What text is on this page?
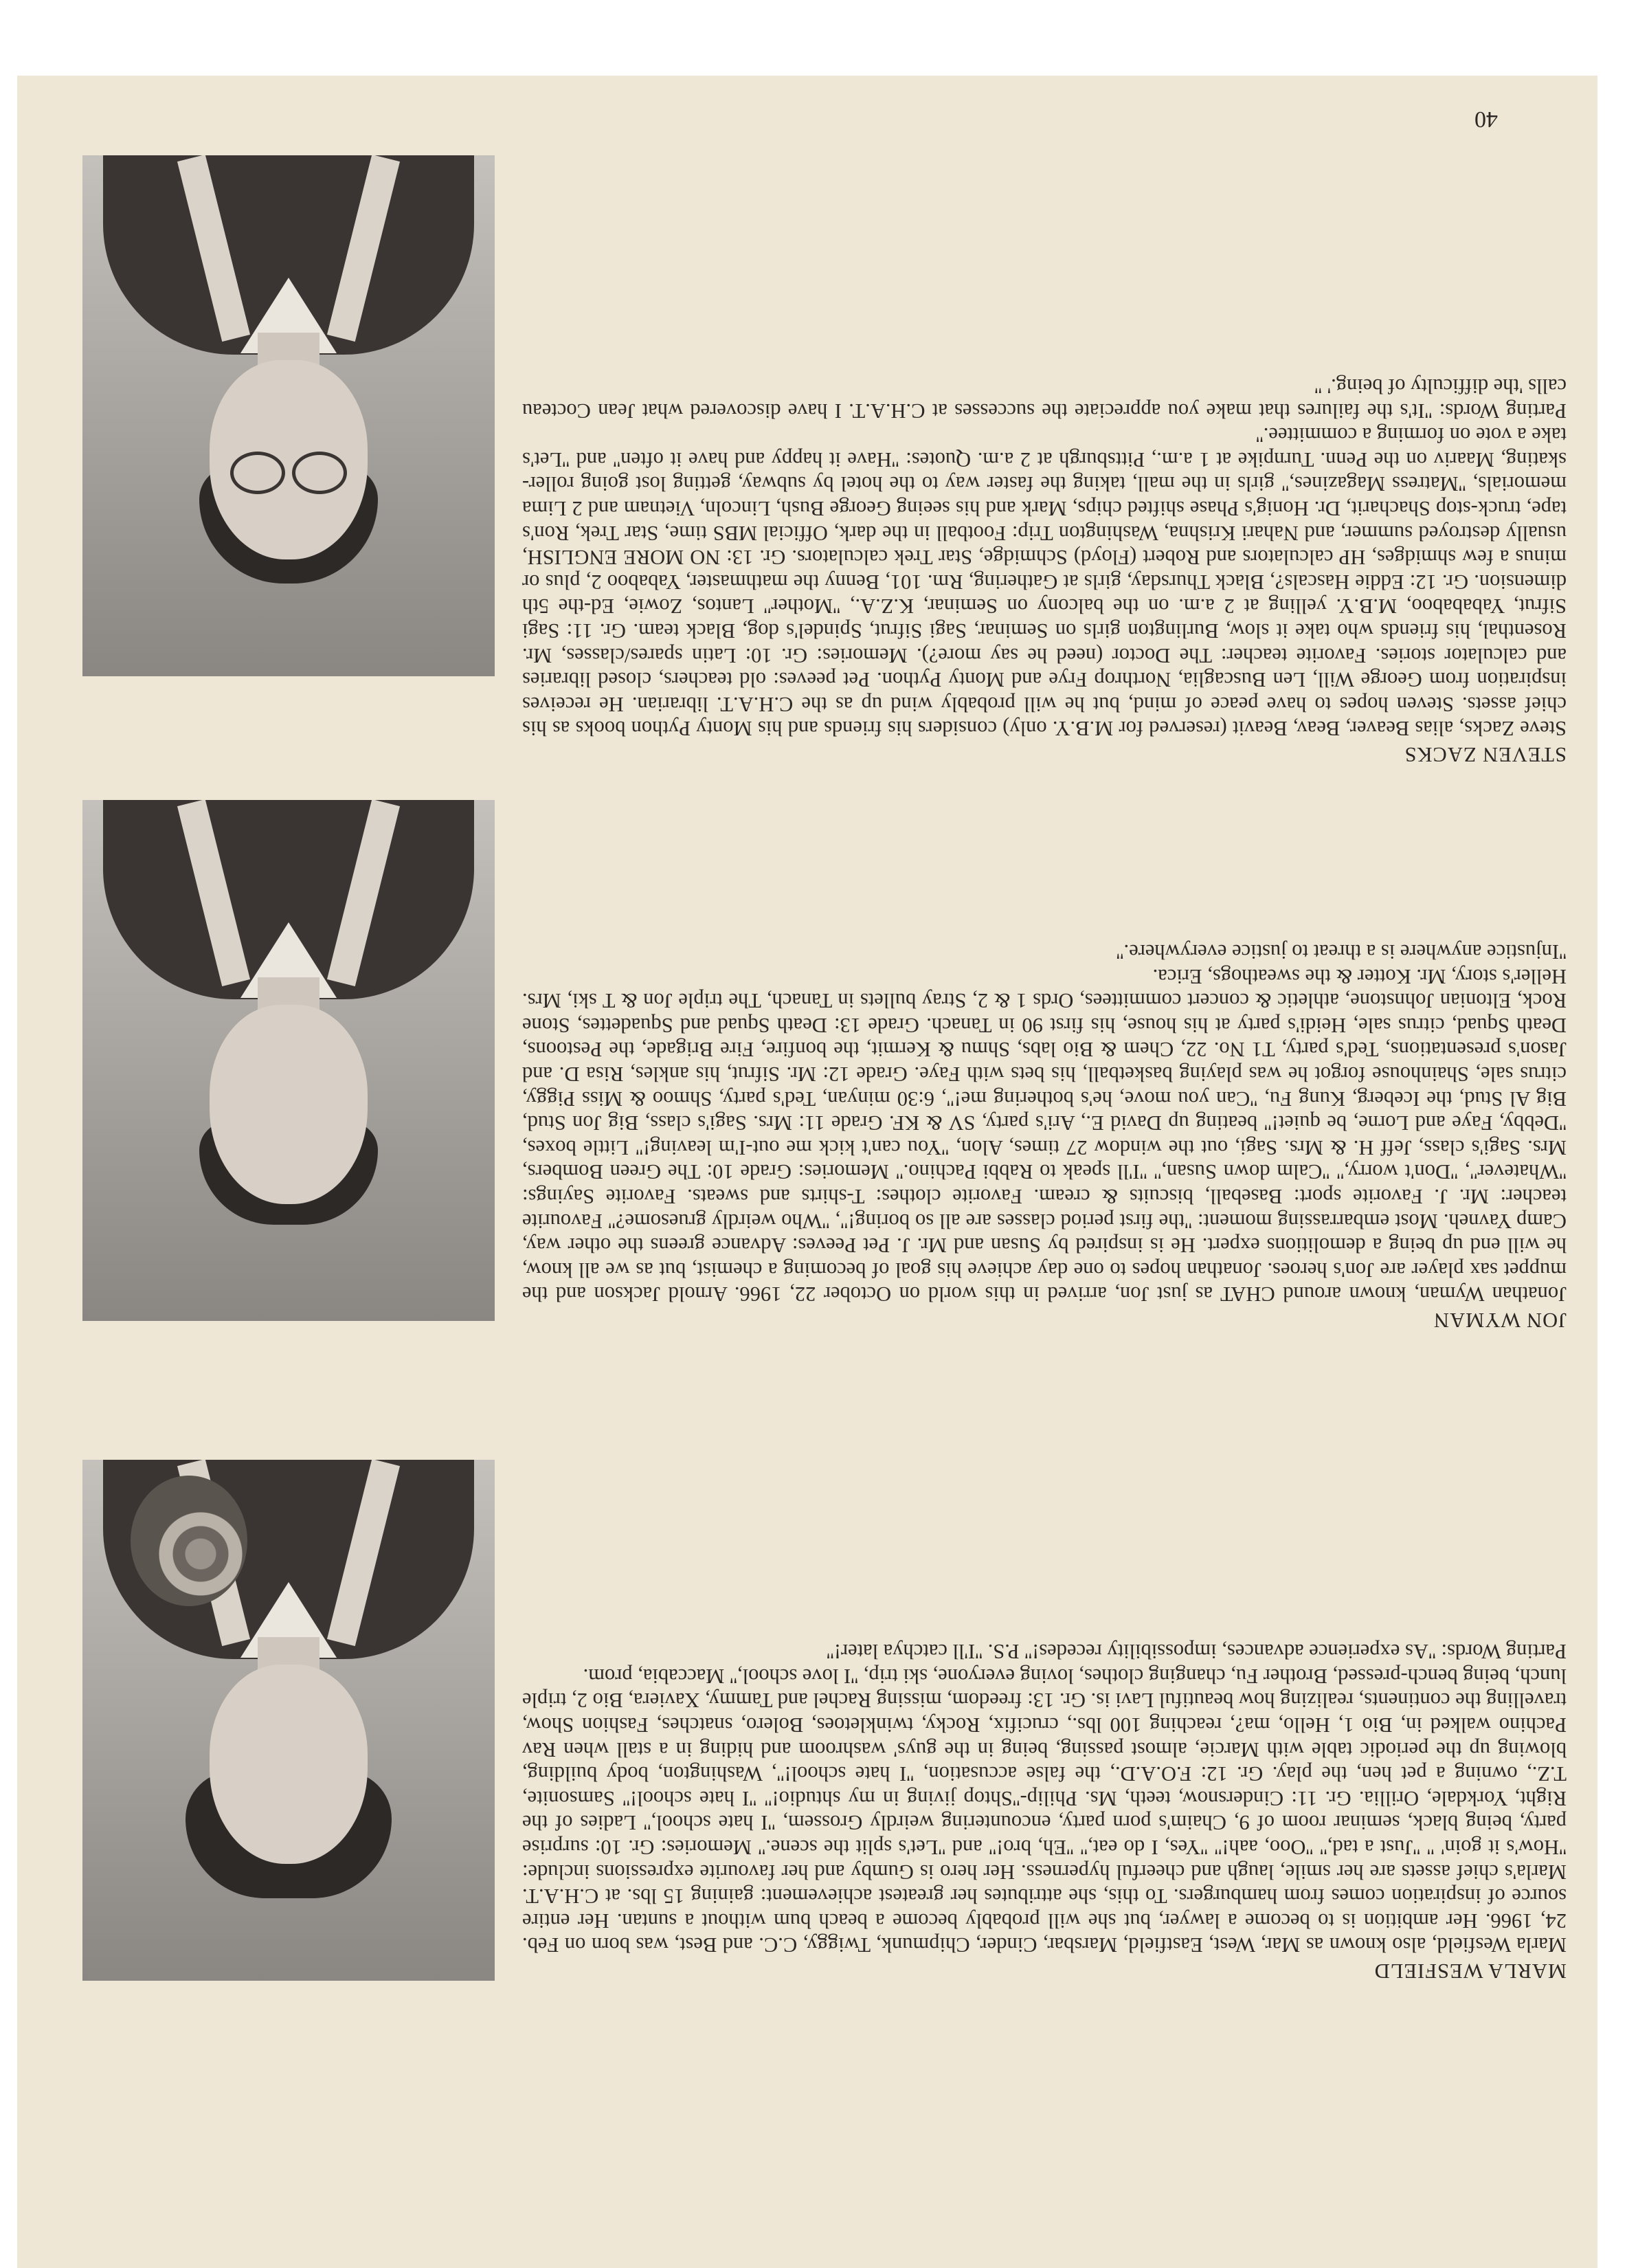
40
MARLA WESFIELD

Marla Wesfield, also known as Mar, West, Eastfield, Marsbar, Cinder, Chipmunk, Twiggy, C.C. and Best, was born on Feb. 24, 1966. Her ambition is to become a lawyer, but she will probably become a beach bum without a suntan. Her entire source of inspiration comes from hamburgers. To this, she attributes her greatest achievement: gaining 15 lbs. at C.H.A.T. Marla's chief assets are her smile, laugh and cheerful hyperness. Her hero is Gumby and her favourite expressions include: ''How's it goin' '' ''Just a tad,'' ''Ooo, aah!'' ''Yes, I do eat,'' ''Eh, bro!'' and ''Let's split the scene.'' Memories: Gr. 10: surprise party, being black, seminar room of 9, Chaim's porn party, encountering weirdly Grossem, ''I hate school,'' Ladies of the Right, Yorkdale, Orillia. Gr. 11: Cindersnow, teeth, Ms. Philip-''Shtop jiving in my shtudio!'' ''I hate school!'' Samsonite, T.Z., owning a pet hen, the play. Gr. 12: F.O.A.D., the false accusation, ''I hate school!'', Washington, body building, blowing up the periodic table with Marcie, almost passing, being in the guys' washroom and hiding in a stall when Rav Pachino walked in, Bio 1, Hello, ma?, reaching 100 lbs., crucifix, Rocky, twinkletoes, Bolero, snatches, Fashion Show, travelling the continents, realizing how beautiful Lavi is. Gr. 13: freedom, missing Rachel and Tammy, Xaviera, Bio 2, triple lunch, being bench-pressed, Brother Fu, changing clothes, loving everyone, ski trip, ''I love school,'' Maccabia, prom.

Parting Words: ''As experience advances, impossibility recedes!'' P.S. ''I'll catchya later!''

JON WYMAN

Jonathan Wyman, known around CHAT as just Jon, arrived in this world on October 22, 1966. Arnold Jackson and the muppet sax player are Jon's heroes. Jonathan hopes to one day achieve his goal of becoming a chemist, but as we all know, he will end up being a demolitions expert. He is inspired by Susan and Mr. J. Pet Peeves: Advance greens the other way, Camp Yavneh. Most embarrassing moment: ''the first period classes are all so boring!'', ''Who weirdly gruesome?'' Favourite teacher: Mr. J. Favorite sport: Baseball, biscuits & cream. Favorite clothes: T-shirts and sweats. Favorite Sayings: ''Whatever'', ''Don't worry,'' ''Calm down Susan,'' ''I'll speak to Rabbi Pachino.'' Memories: Grade 10: The Green Bombers, Mrs. Sagi's class, Jeff H. & Mrs. Sagi, out the window 27 times, Alon, ''You can't kick me out-I'm leaving!'' Little boxes, ''Debby, Faye and Lorne, be quiet!'' beating up David E., Ari's party, SV & KF. Grade 11: Mrs. Sagi's class, Big Jon Stud, Big Al Stud, the Iceberg, Kung Fu, ''Can you move, he's bothering me!'', 6:30 minyan, Ted's party, Shmoo & Miss Piggy, citrus sale, Shainhouse forgot he was playing basketball, his bets with Faye. Grade 12: Mr. Sifrut, his ankles, Risa D. and Jason's presentations, Ted's party, T1 No. 22, Chem & Bio labs, Shmu & Kermit, the bonfire, Fire Brigade, the Pestoons, Death Squad, citrus sale, Heidi's party at his house, his first 90 in Tanach. Grade 13: Death Squad and Squadettes, Stone Rock, Eltonian Johnstone, athletic & concert committees, Ords 1 & 2, Stray bullets in Tanach, The triple Jon & T ski, Mrs. Heller's story, Mr. Kotter & the sweathogs, Erica.

''Injustice anywhere is a threat to justice everywhere.''

STEVEN ZACKS

Steve Zacks, alias Beaver, Beav, Beavit (reserved for M.B.Y. only) considers his friends and his Monty Python books as his chief assets. Steven hopes to have peace of mind, but he will probably wind up as the C.H.A.T. librarian. He receives inspiration from George Will, Len Buscaglia, Northrop Frye and Monty Python. Pet peeves: old teachers, closed libraries and calculator stories. Favorite teacher: The Doctor (need he say more?). Memories: Gr. 10: Latin spares/classes, Mr. Rosenthal, his friends who take it slow, Burlington girls on Seminar, Sagi Sifrut, Spindel's dog, Black team. Gr. 11: Sagi Sifrut, Yabababoo, M.B.Y. yelling at 2 a.m. on the balcony on Seminar, K.Z.A., ''Mother'' Lantos, Zowie, Ed-the 5th dimension. Gr. 12: Eddie Hascals?, Black Thursday, girls at Gathering, Rm. 101, Benny the mathmaster, Yababoo 2, plus or minus a few shmidges, HP calculators and Robert (Floyd) Schmidge, Star Trek calculators. Gr. 13: NO MORE ENGLISH, usually destroyed summer, and Nahari Krishna, Washington Trip: Football in the dark, Official MBS time, Star Trek, Ron's tape, truck-stop Shacharit, Dr. Honig's Phase shifted chips, Mark and his seeing George Bush, Lincoln, Vietnam and 2 Lima memorials, ''Matress Magazines,'' girls in the mall, taking the faster way to the hotel by subway, getting lost going roller-skating, Maariv on the Penn. Turnpike at 1 a.m., Pittsburgh at 2 a.m. Quotes: ''Have it happy and have it often'' and ''Let's take a vote on forming a committee.''

Parting Words: ''It's the failures that make you appreciate the successes at C.H.A.T. I have discovered what Jean Cocteau calls 'the difficulty of being.' ''
